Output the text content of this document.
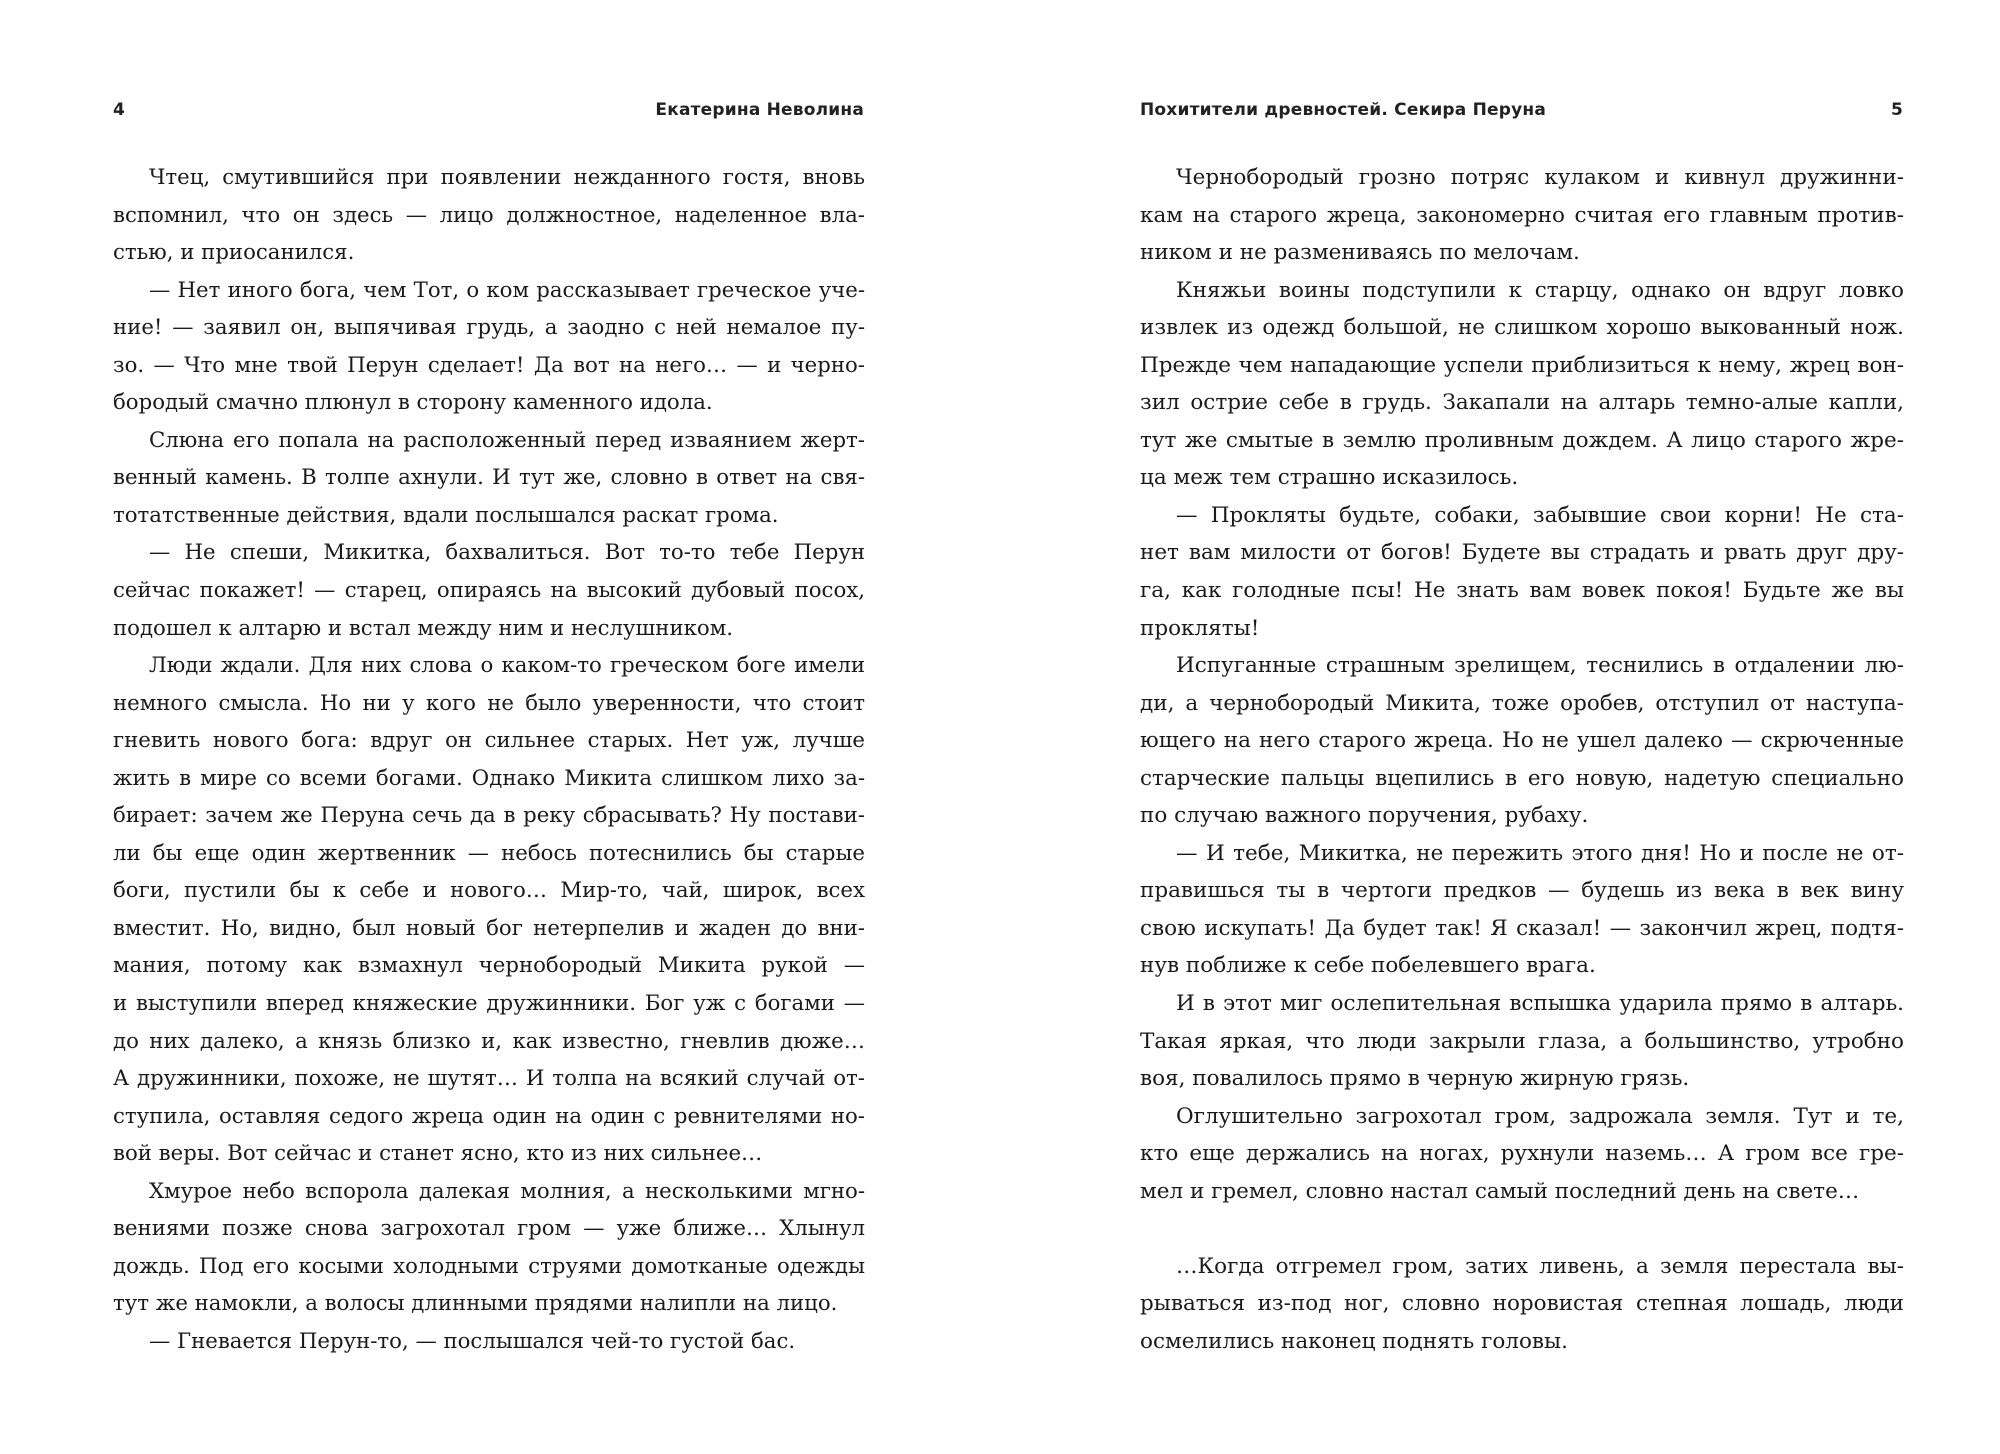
4	Екатерина Неволина
Чтец, смутившийся при появлении нежданного гостя, вновь
вспомнил, что он здесь — лицо должностное, наделенное вла-
стью, и приосанился.
— Нет иного бога, чем Тот, о ком рассказывает греческое уче-
ние! — заявил он, выпячивая грудь, а заодно с ней немалое пу-
зо. — Что мне твой Перун сделает! Да вот на него… — и черно-
бородый смачно плюнул в сторону каменного идола.
Слюна его попала на расположенный перед изваянием жерт-
венный камень. В толпе ахнули. И тут же, словно в ответ на свя-
тотатственные действия, вдали послышался раскат грома.
— Не спеши, Микитка, бахвалиться. Вот то-то тебе Перун
сейчас покажет! — старец, опираясь на высокий дубовый посох,
подошел к алтарю и встал между ним и неслушником.
Люди ждали. Для них слова о каком-то греческом боге имели
немного смысла. Но ни у кого не было уверенности, что стоит
гневить нового бога: вдруг он сильнее старых. Нет уж, лучше
жить в мире со всеми богами. Однако Микита слишком лихо за-
бирает: зачем же Перуна сечь да в реку сбрасывать? Ну постави-
ли бы еще один жертвенник — небось потеснились бы старые
боги, пустили бы к себе и нового… Мир-то, чай, широк, всех
вместит. Но, видно, был новый бог нетерпелив и жаден до вни-
мания, потому как взмахнул чернобородый Микита рукой —
и выступили вперед княжеские дружинники. Бог уж с богами —
до них далеко, а князь близко и, как известно, гневлив дюже…
А дружинники, похоже, не шутят… И толпа на всякий случай от-
ступила, оставляя седого жреца один на один с ревнителями но-
вой веры. Вот сейчас и станет ясно, кто из них сильнее…
Хмурое небо вспорола далекая молния, а несколькими мгно-
вениями позже снова загрохотал гром — уже ближе… Хлынул
дождь. Под его косыми холодными струями домотканые одежды
тут же намокли, а волосы длинными прядями налипли на лицо.
— Гневается Перун-то, — послышался чей-то густой бас.
Похитители древностей. Секира Перуна	5
Чернобородый грозно потряс кулаком и кивнул дружинни-
кам на старого жреца, закономерно считая его главным против-
ником и не размениваясь по мелочам.
Княжьи воины подступили к старцу, однако он вдруг ловко
извлек из одежд большой, не слишком хорошо выкованный нож.
Прежде чем нападающие успели приблизиться к нему, жрец вон-
зил острие себе в грудь. Закапали на алтарь темно-алые капли,
тут же смытые в землю проливным дождем. А лицо старого жре-
ца меж тем страшно исказилось.
— Прокляты будьте, собаки, забывшие свои корни! Не ста-
нет вам милости от богов! Будете вы страдать и рвать друг дру-
га, как голодные псы! Не знать вам вовек покоя! Будьте же вы
прокляты!
Испуганные страшным зрелищем, теснились в отдалении лю-
ди, а чернобородый Микита, тоже оробев, отступил от наступа-
ющего на него старого жреца. Но не ушел далеко — скрюченные
старческие пальцы вцепились в его новую, надетую специально
по случаю важного поручения, рубаху.
— И тебе, Микитка, не пережить этого дня! Но и после не от-
правишься ты в чертоги предков — будешь из века в век вину
свою искупать! Да будет так! Я сказал! — закончил жрец, подтя-
нув поближе к себе побелевшего врага.
И в этот миг ослепительная вспышка ударила прямо в алтарь.
Такая яркая, что люди закрыли глаза, а большинство, утробно
воя, повалилось прямо в черную жирную грязь.
Оглушительно загрохотал гром, задрожала земля. Тут и те,
кто еще держались на ногах, рухнули наземь… А гром все гре-
мел и гремел, словно настал самый последний день на свете…
…Когда отгремел гром, затих ливень, а земля перестала вы-
рываться из-под ног, словно норовистая степная лошадь, люди
осмелились наконец поднять головы.
